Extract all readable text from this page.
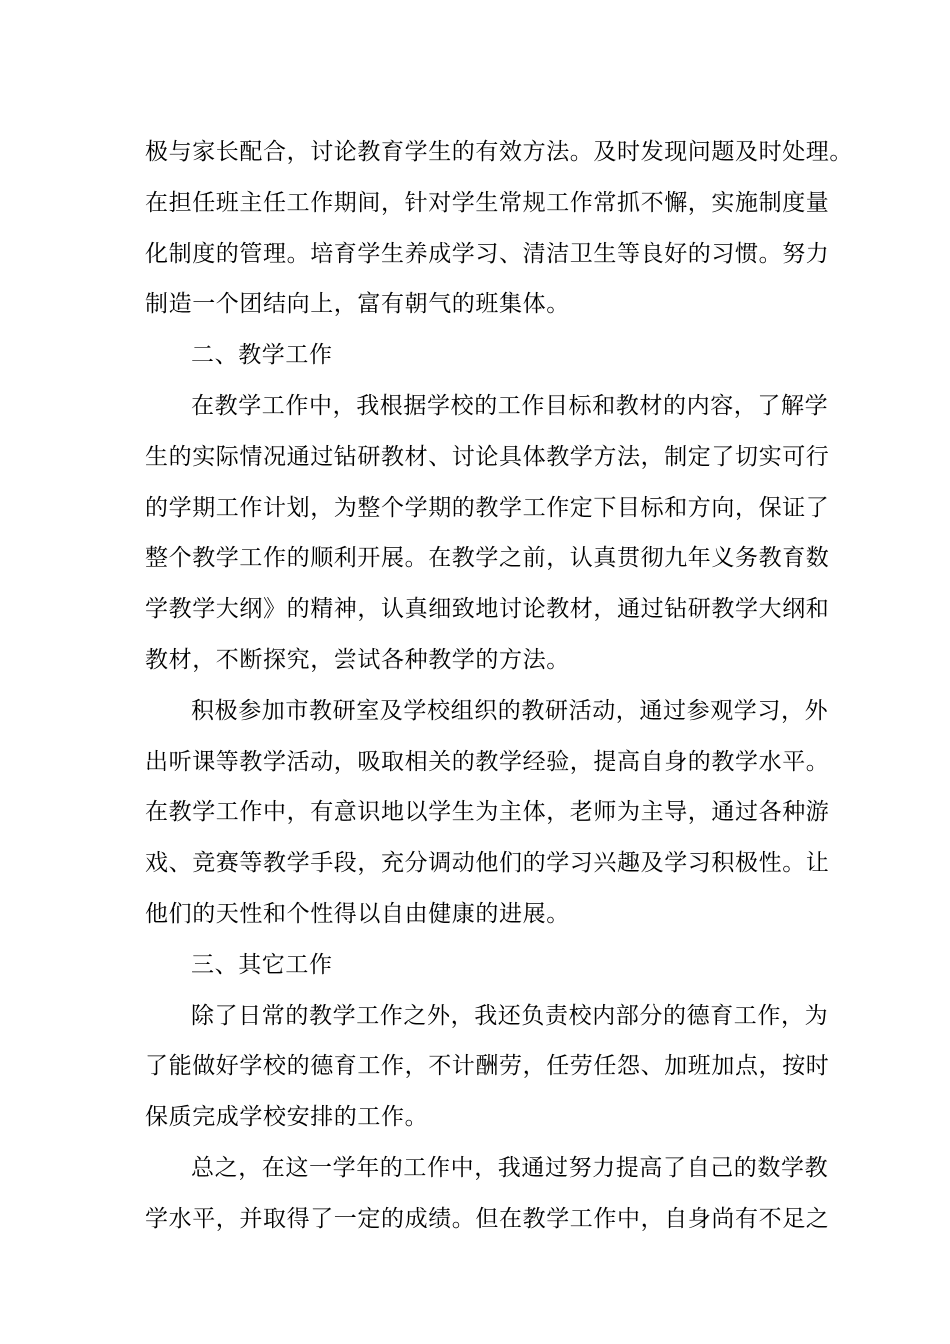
极与家长配合，讨论教育学生的有效方法。及时发现问题及时处理。
在担任班主任工作期间，针对学生常规工作常抓不懈，实施制度量
化制度的管理。培育学生养成学习、清洁卫生等良好的习惯。努力
制造一个团结向上，富有朝气的班集体。
二、教学工作
在教学工作中，我根据学校的工作目标和教材的内容，了解学
生的实际情况通过钻研教材、讨论具体教学方法，制定了切实可行
的学期工作计划，为整个学期的教学工作定下目标和方向，保证了
整个教学工作的顺利开展。在教学之前，认真贯彻九年义务教育数
学教学大纲》的精神，认真细致地讨论教材，通过钻研教学大纲和
教材，不断探究，尝试各种教学的方法。
积极参加市教研室及学校组织的教研活动，通过参观学习，外
出听课等教学活动，吸取相关的教学经验，提高自身的教学水平。
在教学工作中，有意识地以学生为主体，老师为主导，通过各种游
戏、竞赛等教学手段，充分调动他们的学习兴趣及学习积极性。让
他们的天性和个性得以自由健康的进展。
三、其它工作
除了日常的教学工作之外，我还负责校内部分的德育工作，为
了能做好学校的德育工作，不计酬劳，任劳任怨、加班加点，按时
保质完成学校安排的工作。
总之，在这一学年的工作中，我通过努力提高了自己的数学教
学水平，并取得了一定的成绩。但在教学工作中，自身尚有不足之
